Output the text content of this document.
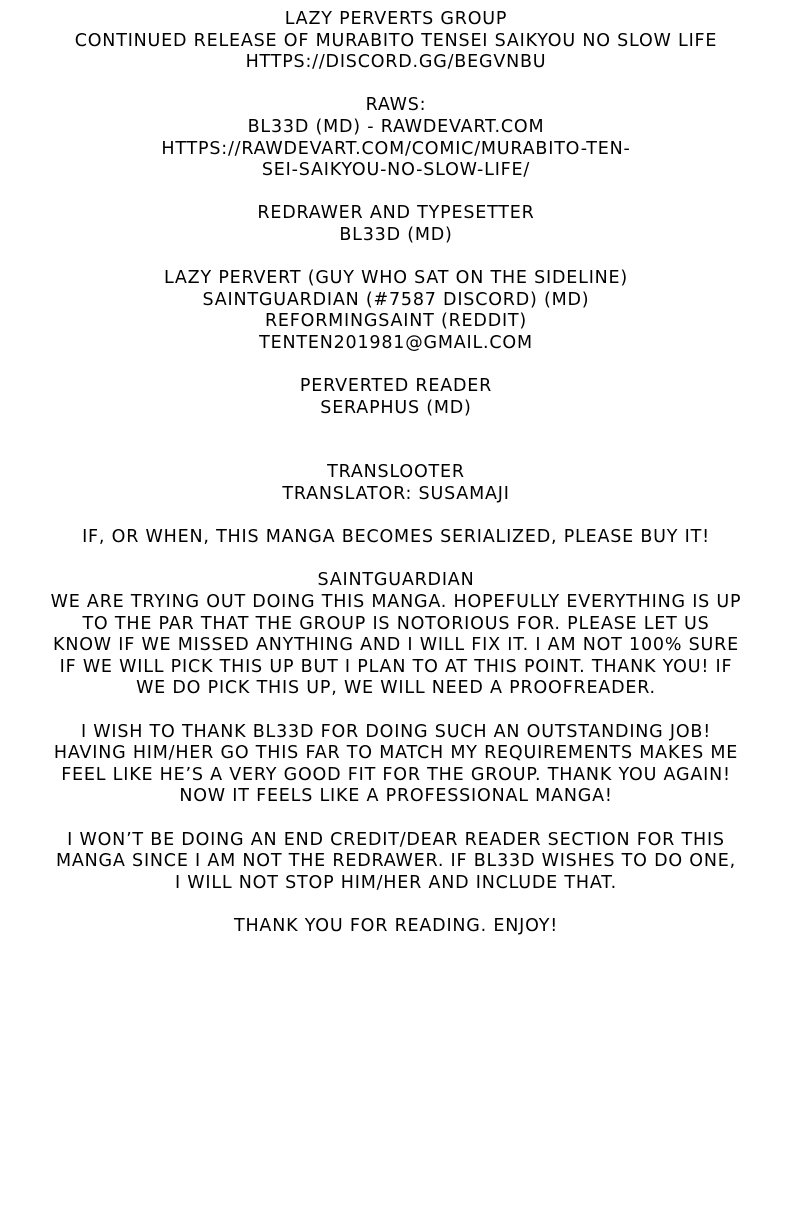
LAZY PERVERTS GROUP
CONTINUED RELEASE OF MURABITO TENSEI SAIKYOU NO SLOW LIFE
HTTPS://DISCORD.GG/BEGVNBU
RAWS:
BL33D (MD) - RAWDEVART.COM
HTTPS://RAWDEVART.COM/COMIC/MURABITO-TEN-
SEI-SAIKYOU-NO-SLOW-LIFE/
REDRAWER AND TYPESETTER
BL33D (MD)
LAZY PERVERT (GUY WHO SAT ON THE SIDELINE)
SAINTGUARDIAN (#7587 DISCORD) (MD)
REFORMINGSAINT (REDDIT)
TENTEN201981@GMAIL.COM
PERVERTED READER
SERAPHUS (MD)
TRANSLOOTER
TRANSLATOR: SUSAMAJI
IF, OR WHEN, THIS MANGA BECOMES SERIALIZED, PLEASE BUY IT!
SAINTGUARDIAN
WE ARE TRYING OUT DOING THIS MANGA. HOPEFULLY EVERYTHING IS UP
TO THE PAR THAT THE GROUP IS NOTORIOUS FOR. PLEASE LET US
KNOW IF WE MISSED ANYTHING AND I WILL FIX IT. I AM NOT 100% SURE
IF WE WILL PICK THIS UP BUT I PLAN TO AT THIS POINT. THANK YOU! IF
WE DO PICK THIS UP, WE WILL NEED A PROOFREADER.
I WISH TO THANK BL33D FOR DOING SUCH AN OUTSTANDING JOB!
HAVING HIM/HER GO THIS FAR TO MATCH MY REQUIREMENTS MAKES ME
FEEL LIKE HE’S A VERY GOOD FIT FOR THE GROUP. THANK YOU AGAIN!
NOW IT FEELS LIKE A PROFESSIONAL MANGA!
I WON’T BE DOING AN END CREDIT/DEAR READER SECTION FOR THIS
MANGA SINCE I AM NOT THE REDRAWER. IF BL33D WISHES TO DO ONE,
I WILL NOT STOP HIM/HER AND INCLUDE THAT.
THANK YOU FOR READING. ENJOY!
